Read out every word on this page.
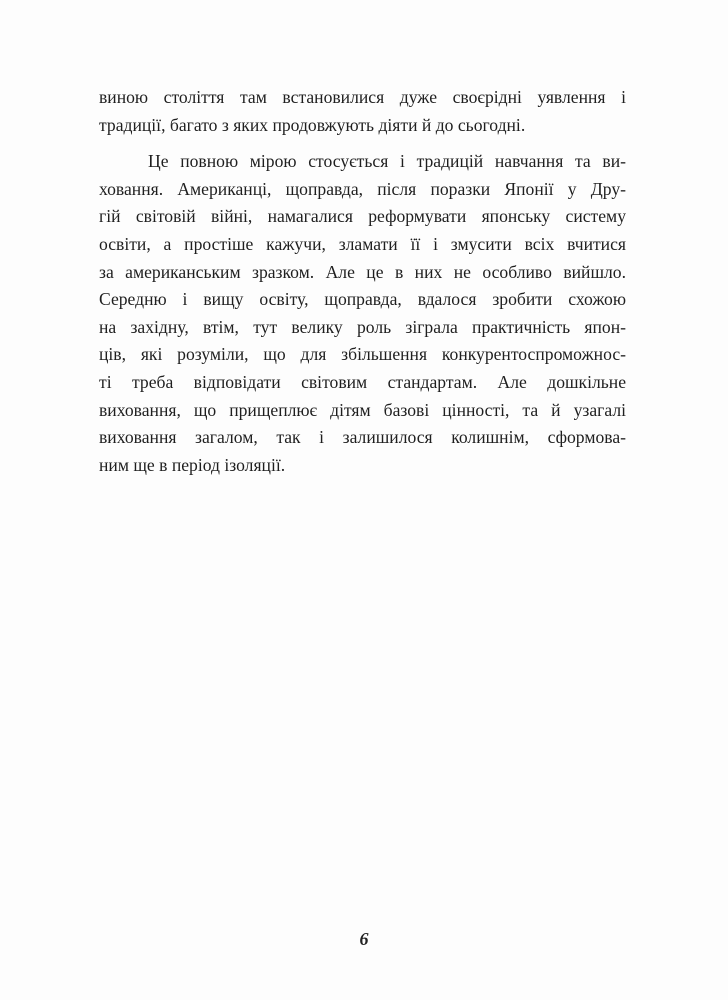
виною століття там встановилися дуже своєрідні уявлення і
традиції, багато з яких продовжують діяти й до сьогодні.
Це повною мірою стосується і традицій навчання та ви-
ховання. Американці, щоправда, після поразки Японії у Дру-
гій світовій війні, намагалися реформувати японську систему
освіти, а простіше кажучи, зламати її і змусити всіх вчитися
за американським зразком. Але це в них не особливо вийшло.
Середню і вищу освіту, щоправда, вдалося зробити схожою
на західну, втім, тут велику роль зіграла практичність япон-
ців, які розуміли, що для збільшення конкурентоспроможнос-
ті треба відповідати світовим стандартам. Але дошкільне
виховання, що прищеплює дітям базові цінності, та й узагалі
виховання загалом, так і залишилося колишнім, сформова-
ним ще в період ізоляції.
6
